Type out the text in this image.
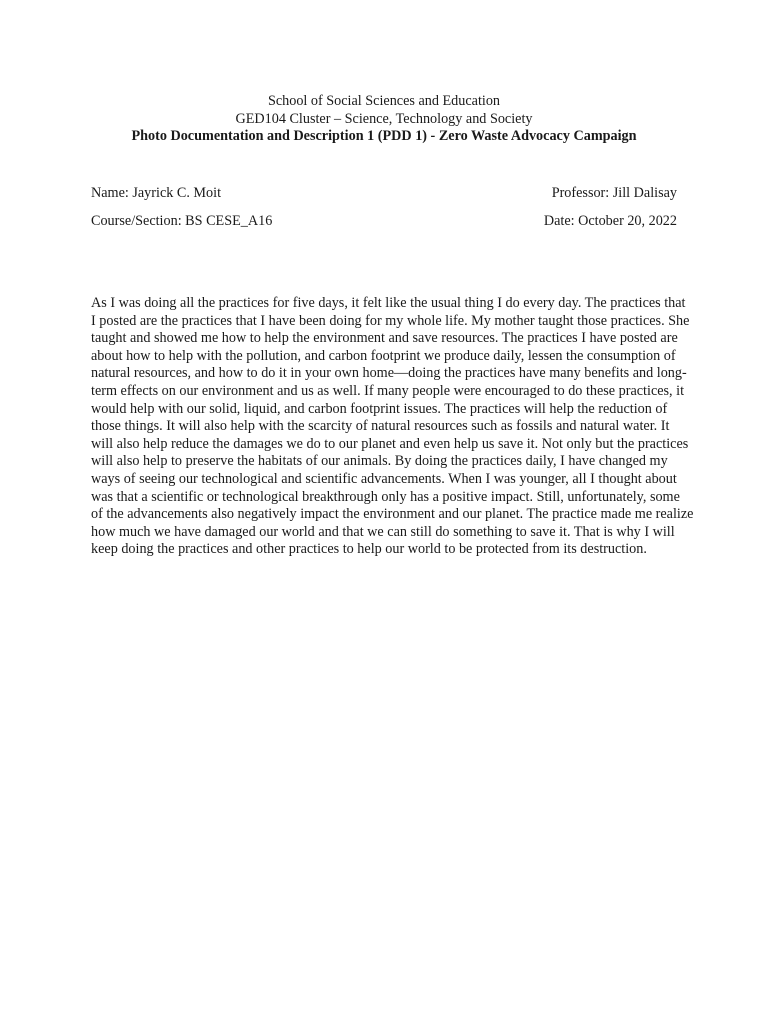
School of Social Sciences and Education
GED104 Cluster – Science, Technology and Society
Photo Documentation and Description 1 (PDD 1) - Zero Waste Advocacy Campaign
Name: Jayrick C. Moit	Professor: Jill Dalisay
Course/Section: BS CESE_A16	Date: October 20, 2022
As I was doing all the practices for five days, it felt like the usual thing I do every day. The practices that
I posted are the practices that I have been doing for my whole life. My mother taught those practices. She
taught and showed me how to help the environment and save resources. The practices I have posted are
about how to help with the pollution, and carbon footprint we produce daily, lessen the consumption of
natural resources, and how to do it in your own home—doing the practices have many benefits and long-
term effects on our environment and us as well. If many people were encouraged to do these practices, it
would help with our solid, liquid, and carbon footprint issues. The practices will help the reduction of
those things. It will also help with the scarcity of natural resources such as fossils and natural water. It
will also help reduce the damages we do to our planet and even help us save it. Not only but the practices
will also help to preserve the habitats of our animals. By doing the practices daily, I have changed my
ways of seeing our technological and scientific advancements. When I was younger, all I thought about
was that a scientific or technological breakthrough only has a positive impact. Still, unfortunately, some
of the advancements also negatively impact the environment and our planet. The practice made me realize
how much we have damaged our world and that we can still do something to save it. That is why I will
keep doing the practices and other practices to help our world to be protected from its destruction.
